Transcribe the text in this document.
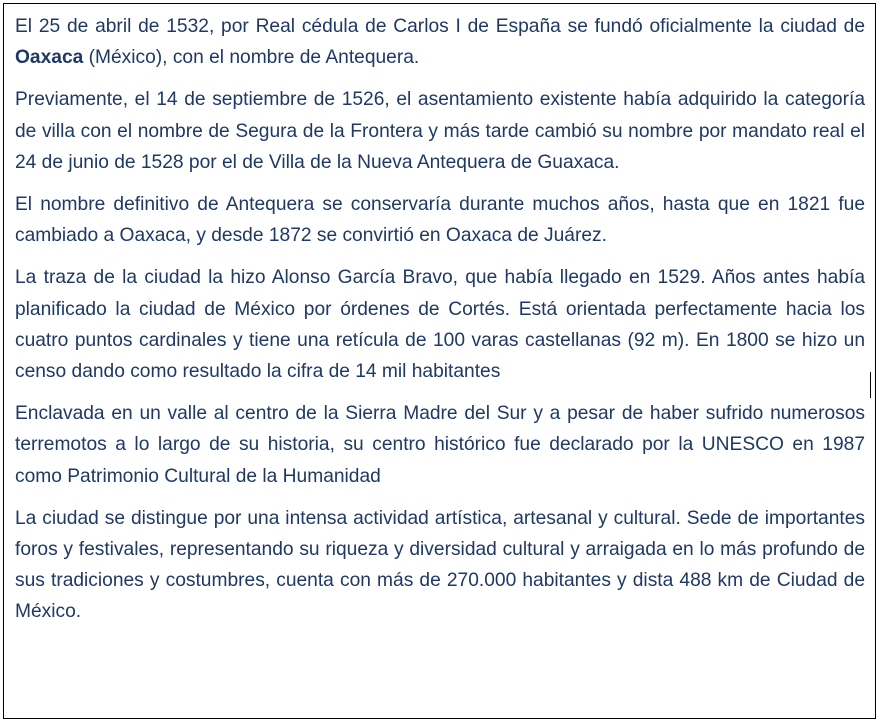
El 25 de abril de 1532, por Real cédula de Carlos I de España se fundó oficialmente la ciudad de Oaxaca (México), con el nombre de Antequera.

Previamente, el 14 de septiembre de 1526, el asentamiento existente había adquirido la categoría de villa con el nombre de Segura de la Frontera y más tarde cambió su nombre por mandato real el 24 de junio de 1528 por el de Villa de la Nueva Antequera de Guaxaca.

El nombre definitivo de Antequera se conservaría durante muchos años, hasta que en 1821 fue cambiado a Oaxaca, y desde 1872 se convirtió en Oaxaca de Juárez.

La traza de la ciudad la hizo Alonso García Bravo, que había llegado en 1529. Años antes había planificado la ciudad de México por órdenes de Cortés. Está orientada perfectamente hacia los cuatro puntos cardinales y tiene una retícula de 100 varas castellanas (92 m). En 1800 se hizo un censo dando como resultado la cifra de 14 mil habitantes

Enclavada en un valle al centro de la Sierra Madre del Sur y a pesar de haber sufrido numerosos terremotos a lo largo de su historia, su centro histórico fue declarado por la UNESCO en 1987 como Patrimonio Cultural de la Humanidad

La ciudad se distingue por una intensa actividad artística, artesanal y cultural. Sede de importantes foros y festivales, representando su riqueza y diversidad cultural y arraigada en lo más profundo de sus tradiciones y costumbres, cuenta con más de 270.000 habitantes y dista 488 km de Ciudad de México.
